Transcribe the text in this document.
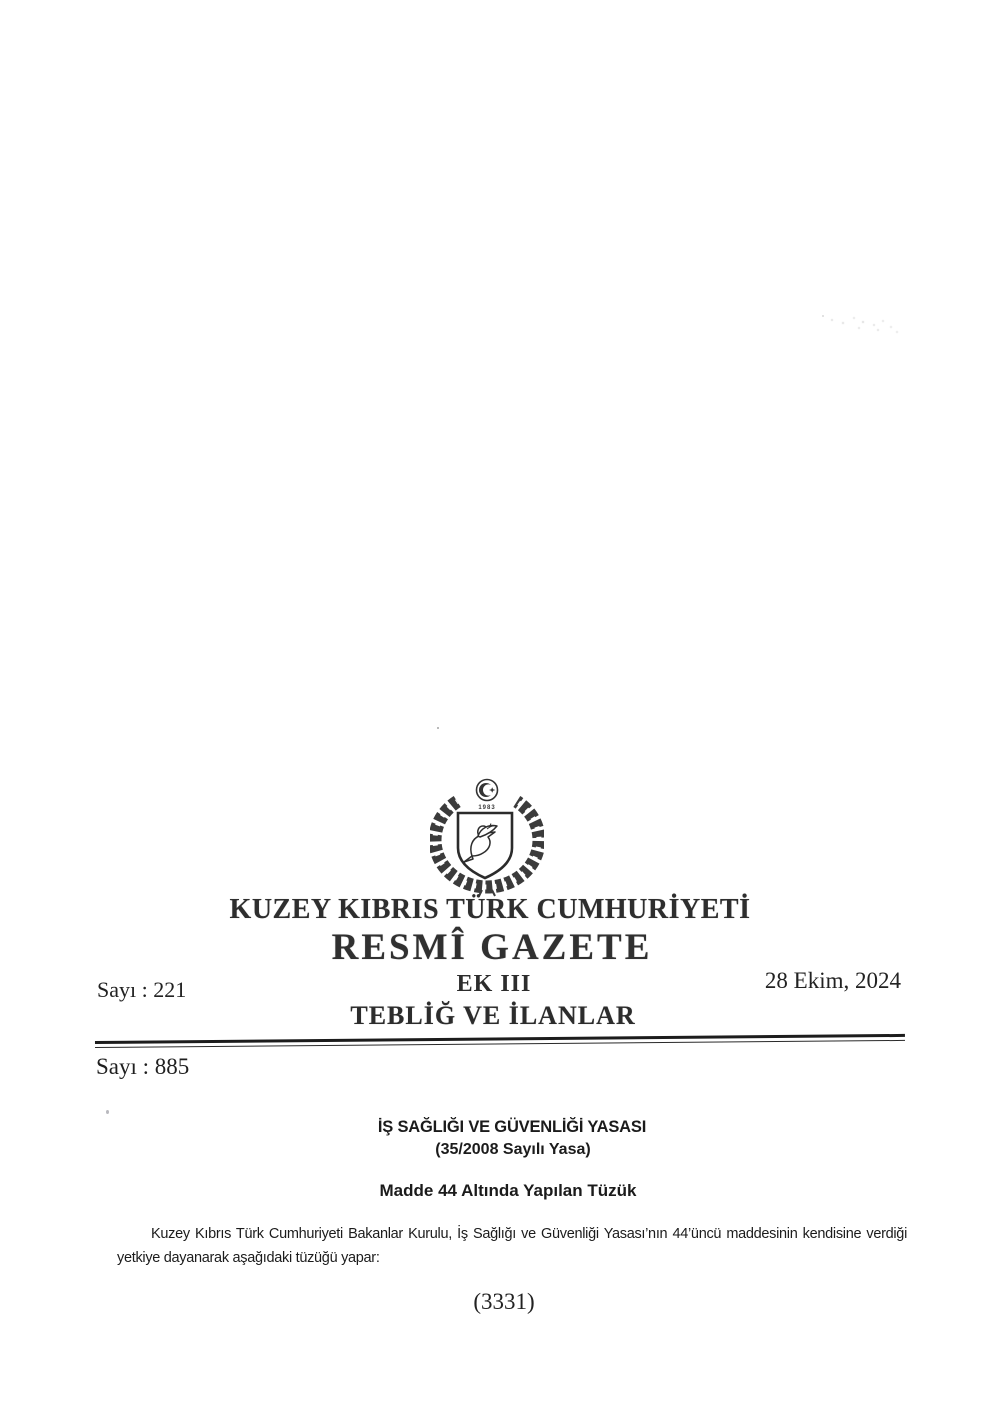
1983
KUZEY KIBRIS TÜRK CUMHURİYETİ
RESMÎ GAZETE
Sayı : 221	EK III	28 Ekim, 2024
TEBLİĞ VE İLANLAR
Sayı : 885
İŞ SAĞLIĞI VE GÜVENLİĞİ YASASI
(35/2008 Sayılı Yasa)
Madde 44 Altında Yapılan Tüzük
Kuzey Kıbrıs Türk Cumhuriyeti Bakanlar Kurulu, İş Sağlığı ve Güvenliği Yasası’nın 44’üncü maddesinin kendisine verdiği yetkiye dayanarak aşağıdaki tüzüğü yapar:
(3331)
